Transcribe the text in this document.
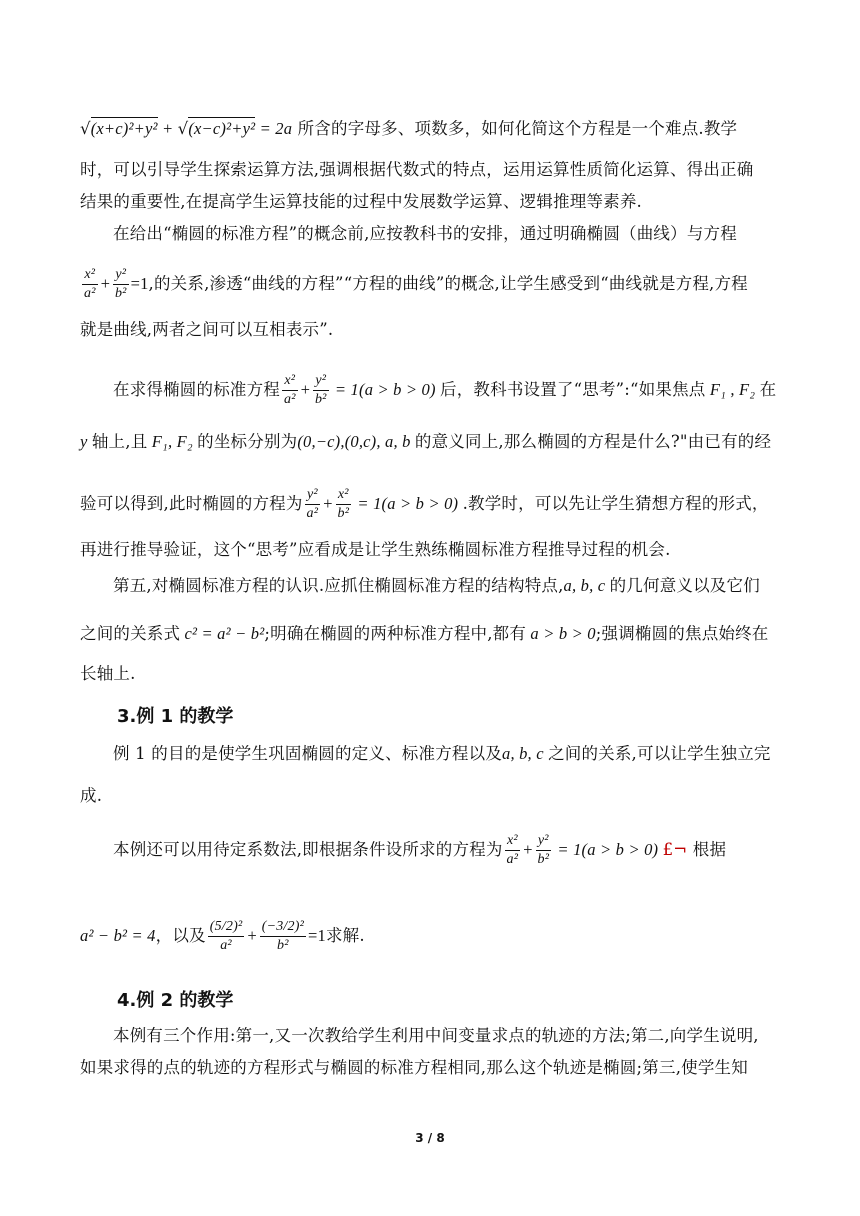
√(x+c)²+y² + √(x−c)²+y² = 2a 所含的字母多、项数多，如何化简这个方程是一个难点.教学
时，可以引导学生探索运算方法,强调根据代数式的特点，运用运算性质简化运算、得出正确
结果的重要性,在提高学生运算技能的过程中发展数学运算、逻辑推理等素养.
在给出“椭圆的标准方程”的概念前,应按教科书的安排，通过明确椭圆（曲线）与方程
$\frac{\text{x²}}{\text{a²}} + \frac{\text{y²}}{\text{b²}} =1$,的关系,渗透“曲线的方程”“方程的曲线”的概念,让学生感受到“曲线就是方程,方程
就是曲线,两者之间可以互相表示”.
在求得椭圆的标准方程 $\frac{\text{x²}}{\text{a²}} + \frac{\text{y²}}{\text{b²}} = 1(a > b > 0)$ 后，教科书设置了“思考”:“如果焦点 F₁ , F₂ 在
y 轴上,且 F₁, F₂ 的坐标分别为(0,−c),(0,c), a, b 的意义同上,那么椭圆的方程是什么?"由已有的经
验可以得到,此时椭圆的方程为 $\frac{\text{y²}}{\text{a²}} + \frac{\text{x²}}{\text{b²}} = 1(a > b > 0)$ .教学时，可以先让学生猜想方程的形式，
再进行推导验证，这个“思考”应看成是让学生熟练椭圆标准方程推导过程的机会.
第五,对椭圆标准方程的认识.应抓住椭圆标准方程的结构特点,a, b, c 的几何意义以及它们
之间的关系式 c² = a² − b²;明确在椭圆的两种标准方程中,都有 a > b > 0;强调椭圆的焦点始终在
长轴上.
3.例 1 的教学
例 1 的目的是使学生巩固椭圆的定义、标准方程以及a, b, c 之间的关系,可以让学生独立完
成.
本例还可以用待定系数法,即根据条件设所求的方程为 $\frac{\text{x²}}{\text{a²}} + \frac{\text{y²}}{\text{b²}} = 1(a > b > 0)$ £¬ 根据
a² − b² = 4，以及 $\frac{\text{(5/2)²}}{\text{a²}} + \frac{\text{(−3/2)²}}{\text{b²}} =1$求解.
4.例 2 的教学
本例有三个作用:第一,又一次教给学生利用中间变量求点的轨迹的方法;第二,向学生说明,
如果求得的点的轨迹的方程形式与椭圆的标准方程相同,那么这个轨迹是椭圆;第三,使学生知
3 / 8
